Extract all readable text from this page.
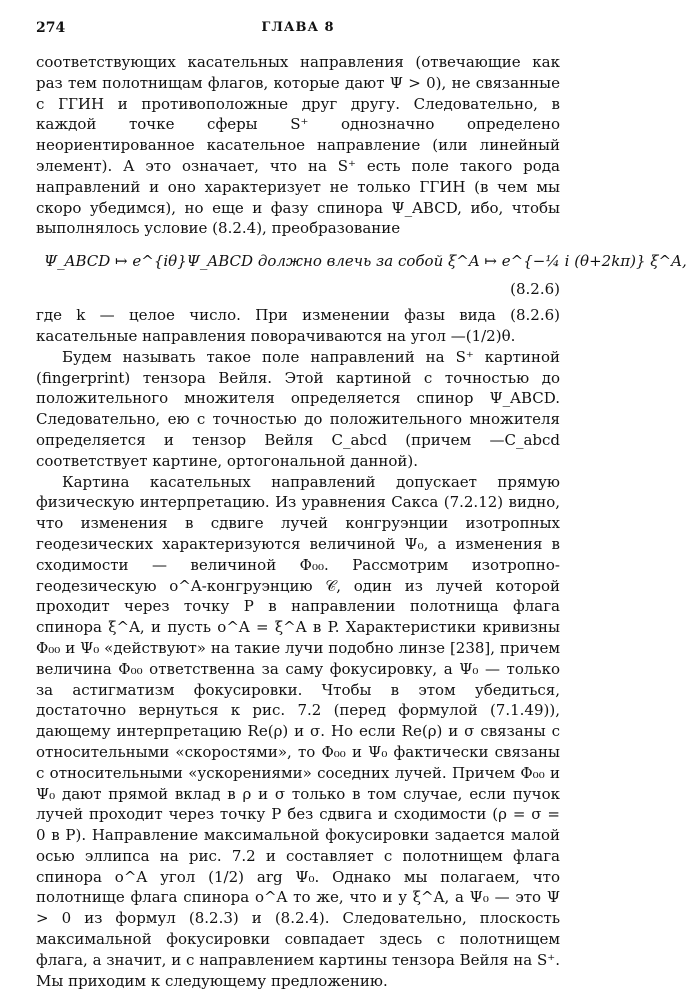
274	ГЛАВА 8

соответствующих касательных направления (отвечающие как раз тем полотнищам флагов, которые дают Ψ > 0), не связанные с ГГИН и противоположные друг другу. Следовательно, в каждой точке сферы S⁺ однозначно определено неориентированное касательное направление (или линейный элемент). А это означает, что на S⁺ есть поле такого рода направлений и оно характеризует не только ГГИН (в чем мы скоро убедимся), но еще и фазу спинора Ψ_ABCD, ибо, чтобы выполнялось условие (8.2.4), преобразование

Ψ_ABCD ↦ e^{iθ}Ψ_ABCD должно влечь за собой ξ^A ↦ e^{−¼ i (θ+2kπ)} ξ^A,
(8.2.6)

где k — целое число. При изменении фазы вида (8.2.6) касательные направления поворачиваются на угол —(1/2)θ.

Будем называть такое поле направлений на S⁺ картиной (fingerprint) тензора Вейля. Этой картиной с точностью до положительного множителя определяется спинор Ψ_ABCD. Следовательно, ею с точностью до положительного множителя определяется и тензор Вейля C_abcd (причем —C_abcd соответствует картине, ортогональной данной).

Картина касательных направлений допускает прямую физическую интерпретацию. Из уравнения Сакса (7.2.12) видно, что изменения в сдвиге лучей конгруэнции изотропных геодезических характеризуются величиной Ψ₀, а изменения в сходимости — величиной Φ₀₀. Рассмотрим изотропно-геодезическую o^A-конгруэнцию 𝒞, один из лучей которой проходит через точку P в направлении полотнища флага спинора ξ^A, и пусть o^A = ξ^A в P. Характеристики кривизны Φ₀₀ и Ψ₀ «действуют» на такие лучи подобно линзе [238], причем величина Φ₀₀ ответственна за саму фокусировку, а Ψ₀ — только за астигматизм фокусировки. Чтобы в этом убедиться, достаточно вернуться к рис. 7.2 (перед формулой (7.1.49)), дающему интерпретацию Re(ρ) и σ. Но если Re(ρ) и σ связаны с относительными «скоростями», то Φ₀₀ и Ψ₀ фактически связаны с относительными «ускорениями» соседних лучей. Причем Φ₀₀ и Ψ₀ дают прямой вклад в ρ и σ только в том случае, если пучок лучей проходит через точку P без сдвига и сходимости (ρ = σ = 0 в P). Направление максимальной фокусировки задается малой осью эллипса на рис. 7.2 и составляет с полотнищем флага спинора o^A угол (1/2) arg Ψ₀. Однако мы полагаем, что полотнище флага спинора o^A то же, что и у ξ^A, а Ψ₀ — это Ψ > 0 из формул (8.2.3) и (8.2.4). Следовательно, плоскость максимальной фокусировки совпадает здесь с полотнищем флага, а значит, и с направлением картины тензора Вейля на S⁺. Мы приходим к следующему предложению.
